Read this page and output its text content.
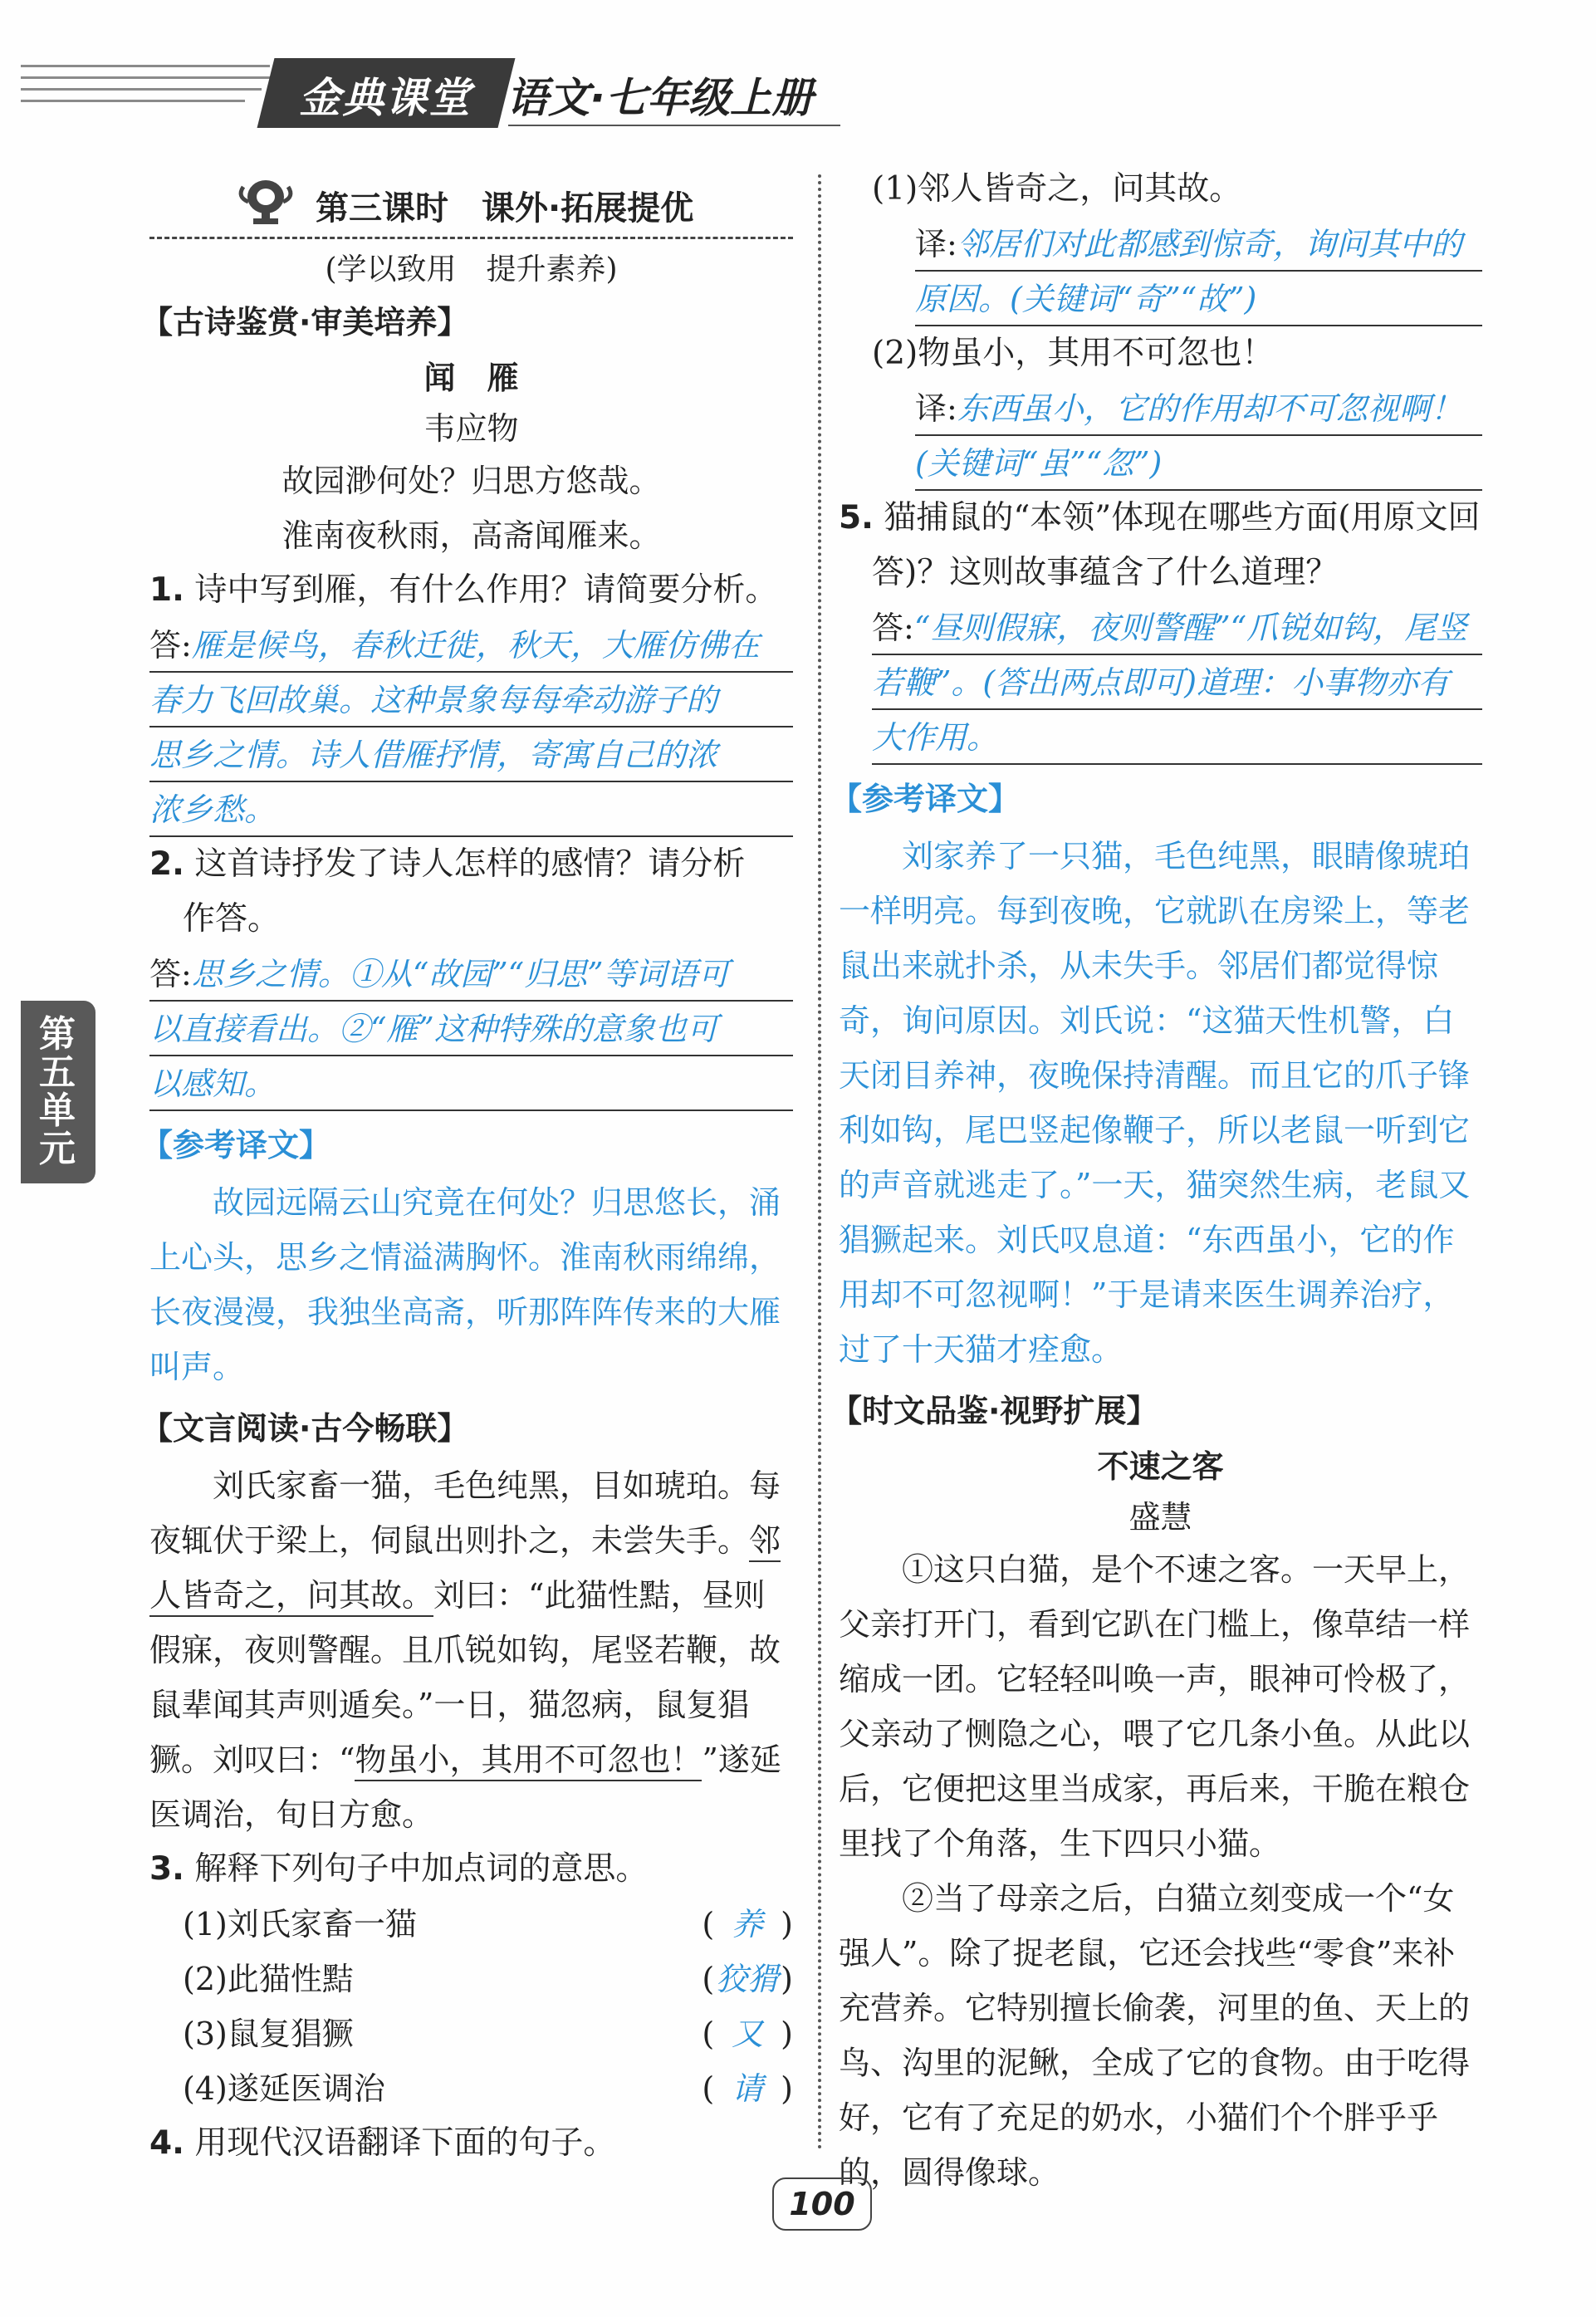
金典课堂 语文·七年级上册
第五单元
第三课时　课外·拓展提优
(学以致用　提升素养)
【古诗鉴赏·审美培养】
闻　雁
韦应物
故园渺何处？归思方悠哉。
淮南夜秋雨，高斋闻雁来。
1. 诗中写到雁，有什么作用？请简要分析。
答:雁是候鸟，春秋迁徙，秋天，大雁仿佛在
春力飞回故巢。这种景象每每牵动游子的
思乡之情。诗人借雁抒情，寄寓自己的浓
浓乡愁。
2. 这首诗抒发了诗人怎样的感情？请分析
作答。
答:思乡之情。①从“故园”“归思”等词语可
以直接看出。②“雁”这种特殊的意象也可
以感知。
【参考译文】
故园远隔云山究竟在何处？归思悠长，涌上心头，思乡之情溢满胸怀。淮南秋雨绵绵，长夜漫漫，我独坐高斋，听那阵阵传来的大雁叫声。
【文言阅读·古今畅联】
刘氏家畜一猫，毛色纯黑，目如琥珀。每夜辄伏于梁上，伺鼠出则扑之，未尝失手。邻人皆奇之，问其故。刘曰：“此猫性黠，昼则假寐，夜则警醒。且爪锐如钩，尾竖若鞭，故鼠辈闻其声则遁矣。”一日，猫忽病，鼠复猖獗。刘叹曰：“物虽小，其用不可忽也！”遂延医调治，旬日方愈。
3. 解释下列句子中加点词的意思。
(1)刘氏家畜一猫	( 养 )
(2)此猫性黠	(狡猾)
(3)鼠复猖獗	( 又 )
(4)遂延医调治	( 请 )
4. 用现代汉语翻译下面的句子。
(1)邻人皆奇之，问其故。
译:邻居们对此都感到惊奇，询问其中的
原因。(关键词“奇”“故”)
(2)物虽小，其用不可忽也！
译:东西虽小，它的作用却不可忽视啊！
(关键词“虽”“忽”)
5. 猫捕鼠的“本领”体现在哪些方面(用原文回
答)？这则故事蕴含了什么道理？
答:“昼则假寐，夜则警醒”“爪锐如钩，尾竖
若鞭”。(答出两点即可)道理：小事物亦有
大作用。
【参考译文】
刘家养了一只猫，毛色纯黑，眼睛像琥珀一样明亮。每到夜晚，它就趴在房梁上，等老鼠出来就扑杀，从未失手。邻居们都觉得惊奇，询问原因。刘氏说：“这猫天性机警，白天闭目养神，夜晚保持清醒。而且它的爪子锋利如钩，尾巴竖起像鞭子，所以老鼠一听到它的声音就逃走了。”一天，猫突然生病，老鼠又猖獗起来。刘氏叹息道：“东西虽小，它的作用却不可忽视啊！”于是请来医生调养治疗，过了十天猫才痊愈。
【时文品鉴·视野扩展】
不速之客
盛慧
①这只白猫，是个不速之客。一天早上，父亲打开门，看到它趴在门槛上，像草结一样缩成一团。它轻轻叫唤一声，眼神可怜极了，父亲动了恻隐之心，喂了它几条小鱼。从此以后，它便把这里当成家，再后来，干脆在粮仓里找了个角落，生下四只小猫。
②当了母亲之后，白猫立刻变成一个“女强人”。除了捉老鼠，它还会找些“零食”来补充营养。它特别擅长偷袭，河里的鱼、天上的鸟、沟里的泥鳅，全成了它的食物。由于吃得好，它有了充足的奶水，小猫们个个胖乎乎的，圆得像球。
100
